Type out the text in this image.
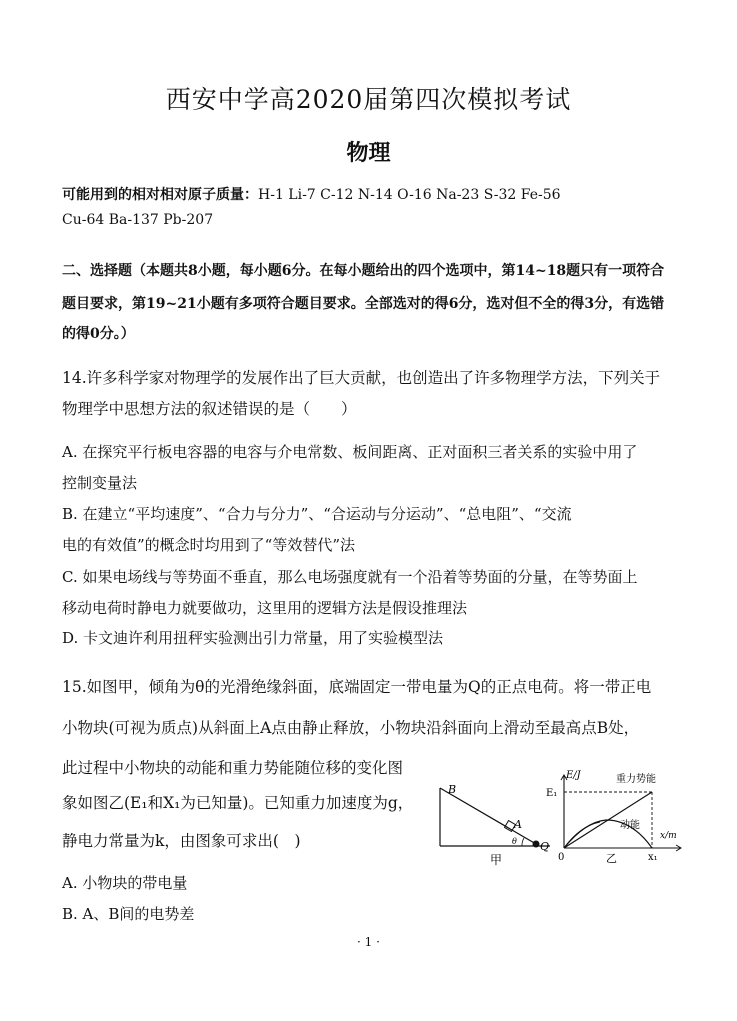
西安中学高2020届第四次模拟考试
物理
可能用到的相对相对原子质量：H-1 Li-7 C-12 N-14 O-16 Na-23 S-32 Fe-56
Cu-64 Ba-137 Pb-207
二、选择题（本题共8小题，每小题6分。在每小题给出的四个选项中，第14~18题只有一项符合
题目要求，第19~21小题有多项符合题目要求。全部选对的得6分，选对但不全的得3分，有选错
的得0分。）
14.许多科学家对物理学的发展作出了巨大贡献，也创造出了许多物理学方法，下列关于
物理学中思想方法的叙述错误的是（　　）
A. 在探究平行板电容器的电容与介电常数、板间距离、正对面积三者关系的实验中用了
控制变量法
B. 在建立“平均速度”、“合力与分力”、“合运动与分运动”、“总电阻”、“交流
电的有效值”的概念时均用到了“等效替代”法
C. 如果电场线与等势面不垂直，那么电场强度就有一个沿着等势面的分量，在等势面上
移动电荷时静电力就要做功，这里用的逻辑方法是假设推理法
D. 卡文迪许利用扭秤实验测出引力常量，用了实验模型法
15.如图甲，倾角为θ的光滑绝缘斜面，底端固定一带电量为Q的正点电荷。将一带正电
小物块(可视为质点)从斜面上A点由静止释放，小物块沿斜面向上滑动至最高点B处，
此过程中小物块的动能和重力势能随位移的变化图
象如图乙(E₁和X₁为已知量)。已知重力加速度为g，
静电力常量为k，由图象可求出(　)
A. 小物块的带电量
B. A、B间的电势差
B
A
Q
θ
甲
E/J
E₁
重力势能
动能
x/m
0	乙	x₁
· 1 ·
